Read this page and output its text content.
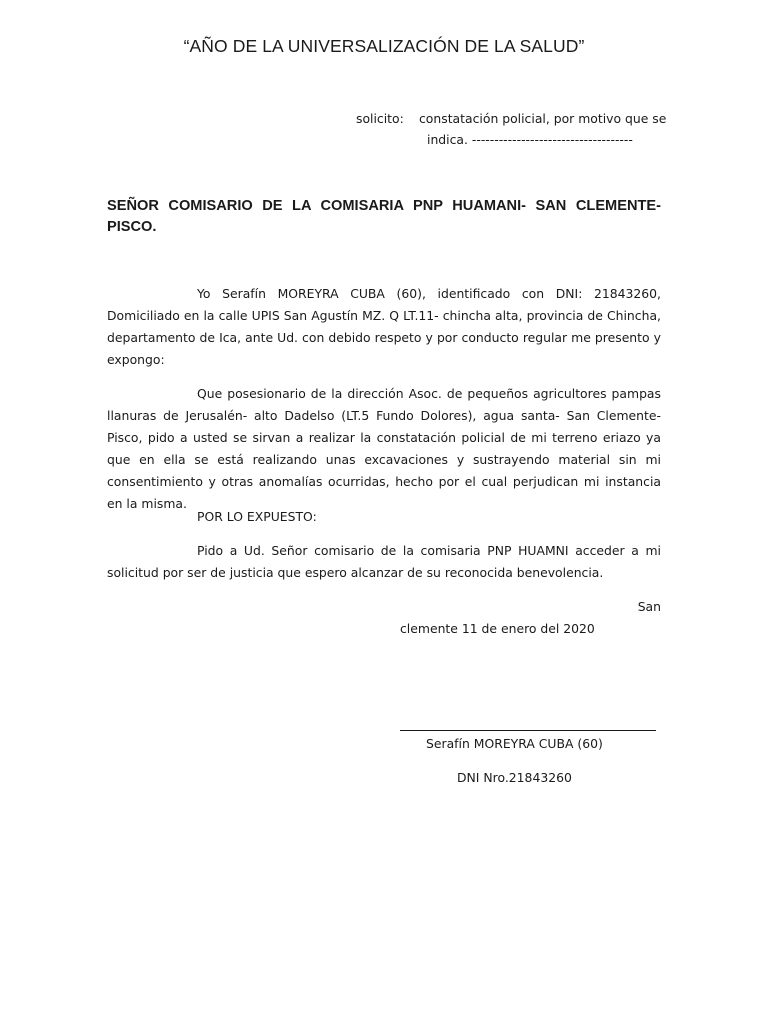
“AÑO DE LA UNIVERSALIZACIÓN DE LA SALUD”
solicito: constatación policial, por motivo que se
indica. ------------------------------------
SEÑOR COMISARIO DE LA COMISARIA PNP HUAMANI- SAN CLEMENTE- PISCO.
Yo Serafín MOREYRA CUBA (60), identificado con DNI: 21843260, Domiciliado en la calle UPIS San Agustín MZ. Q LT.11- chincha alta, provincia de Chincha, departamento de Ica, ante Ud. con debido respeto y por conducto regular me presento y expongo:
Que posesionario de la dirección Asoc. de pequeños agricultores pampas llanuras de Jerusalén- alto Dadelso (LT.5 Fundo Dolores), agua santa- San Clemente-Pisco, pido a usted se sirvan a realizar la constatación policial de mi terreno eriazo ya que en ella se está realizando unas excavaciones y sustrayendo material sin mi consentimiento y otras anomalías ocurridas, hecho por el cual perjudican mi instancia en la misma.
POR LO EXPUESTO:
Pido a Ud. Señor comisario de la comisaria PNP HUAMNI acceder a mi solicitud por ser de justicia que espero alcanzar de su reconocida benevolencia.
San
clemente 11 de enero del 2020
Serafín MOREYRA CUBA (60)
DNI Nro.21843260
